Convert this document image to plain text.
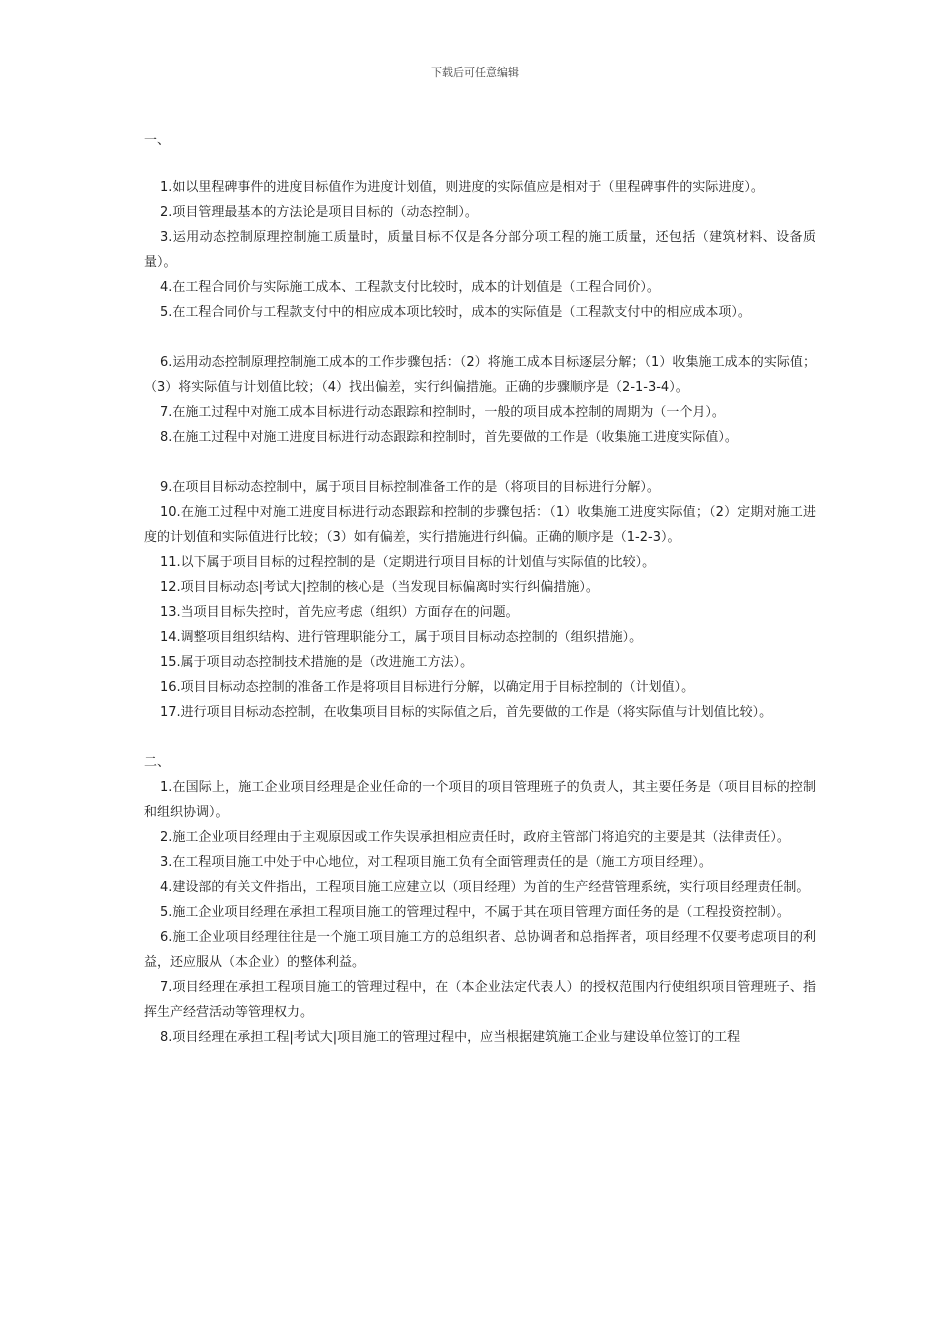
下载后可任意编辑

一、

1.如以里程碑事件的进度目标值作为进度计划值，则进度的实际值应是相对于（里程碑事件的实际进度）。

2.项目管理最基本的方法论是项目目标的（动态控制）。

3.运用动态控制原理控制施工质量时，质量目标不仅是各分部分项工程的施工质量，还包括（建筑材料、设备质量）。

4.在工程合同价与实际施工成本、工程款支付比较时，成本的计划值是（工程合同价）。

5.在工程合同价与工程款支付中的相应成本项比较时，成本的实际值是（工程款支付中的相应成本项）。

6.运用动态控制原理控制施工成本的工作步骤包括：（2）将施工成本目标逐层分解；（1）收集施工成本的实际值；（3）将实际值与计划值比较；（4）找出偏差，实行纠偏措施。正确的步骤顺序是（2-1-3-4）。

7.在施工过程中对施工成本目标进行动态跟踪和控制时，一般的项目成本控制的周期为（一个月）。

8.在施工过程中对施工进度目标进行动态跟踪和控制时，首先要做的工作是（收集施工进度实际值）。

9.在项目目标动态控制中，属于项目目标控制准备工作的是（将项目的目标进行分解）。

10.在施工过程中对施工进度目标进行动态跟踪和控制的步骤包括：（1）收集施工进度实际值；（2）定期对施工进度的计划值和实际值进行比较；（3）如有偏差，实行措施进行纠偏。正确的顺序是（1-2-3）。

11.以下属于项目目标的过程控制的是（定期进行项目目标的计划值与实际值的比较）。

12.项目目标动态|考试大|控制的核心是（当发现目标偏离时实行纠偏措施）。

13.当项目目标失控时，首先应考虑（组织）方面存在的问题。

14.调整项目组织结构、进行管理职能分工，属于项目目标动态控制的（组织措施）。

15.属于项目动态控制技术措施的是（改进施工方法）。

16.项目目标动态控制的准备工作是将项目目标进行分解，以确定用于目标控制的（计划值）。

17.进行项目目标动态控制，在收集项目目标的实际值之后，首先要做的工作是（将实际值与计划值比较）。

二、

1.在国际上，施工企业项目经理是企业任命的一个项目的项目管理班子的负责人，其主要任务是（项目目标的控制和组织协调）。

2.施工企业项目经理由于主观原因或工作失误承担相应责任时，政府主管部门将追究的主要是其（法律责任）。

3.在工程项目施工中处于中心地位，对工程项目施工负有全面管理责任的是（施工方项目经理）。

4.建设部的有关文件指出，工程项目施工应建立以（项目经理）为首的生产经营管理系统，实行项目经理责任制。

5.施工企业项目经理在承担工程项目施工的管理过程中，不属于其在项目管理方面任务的是（工程投资控制）。

6.施工企业项目经理往往是一个施工项目施工方的总组织者、总协调者和总指挥者，项目经理不仅要考虑项目的利益，还应服从（本企业）的整体利益。

7.项目经理在承担工程项目施工的管理过程中，在（本企业法定代表人）的授权范围内行使组织项目管理班子、指挥生产经营活动等管理权力。

8.项目经理在承担工程|考试大|项目施工的管理过程中，应当根据建筑施工企业与建设单位签订的工程
